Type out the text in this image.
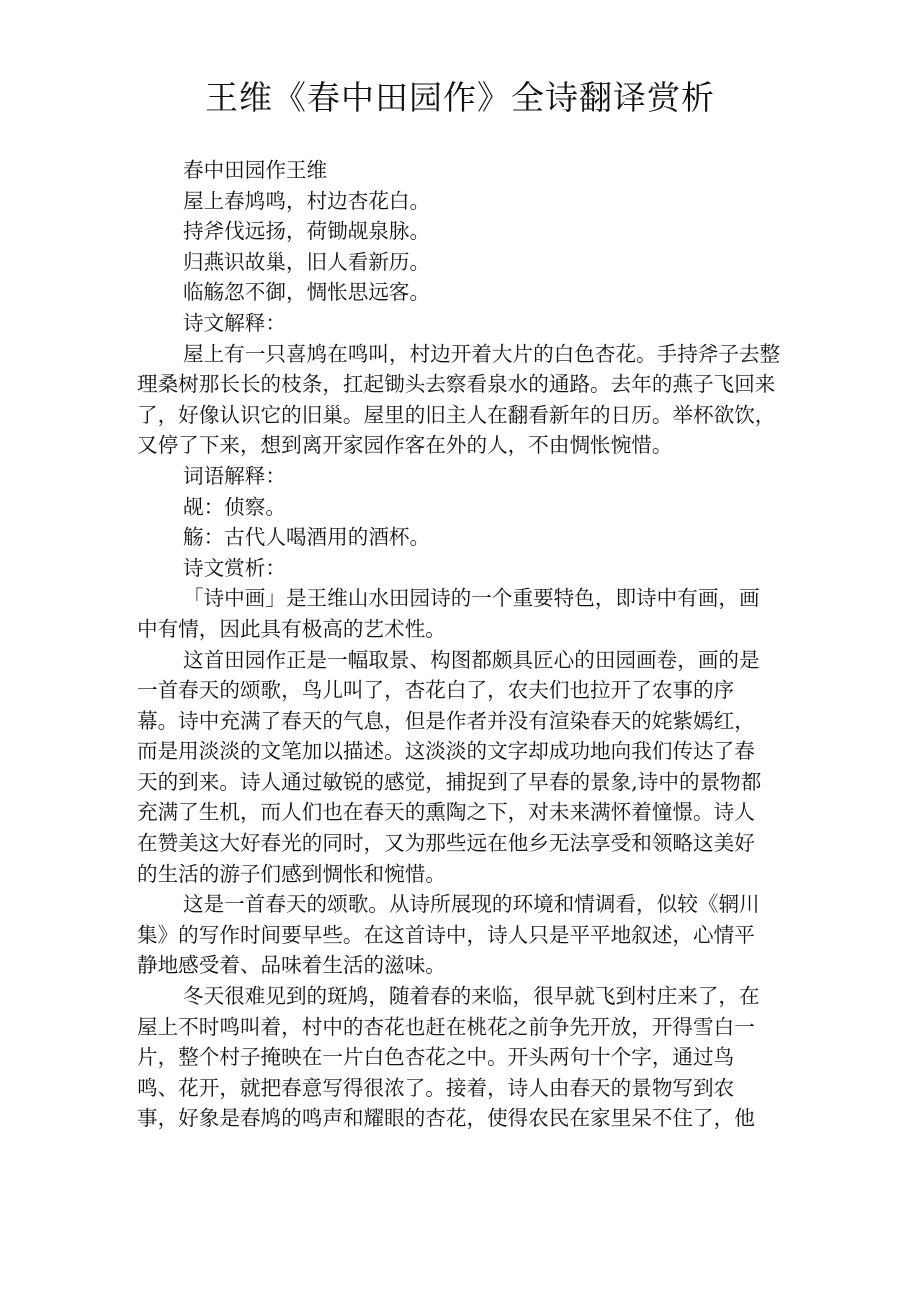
王维《春中田园作》全诗翻译赏析

春中田园作王维

屋上春鸠鸣，村边杏花白。

持斧伐远扬，荷锄觇泉脉。

归燕识故巢，旧人看新历。

临觞忽不御，惆怅思远客。

诗文解释：

屋上有一只喜鸠在鸣叫，村边开着大片的白色杏花。手持斧子去整

理桑树那长长的枝条，扛起锄头去察看泉水的通路。去年的燕子飞回来

了，好像认识它的旧巢。屋里的旧主人在翻看新年的日历。举杯欲饮，

又停了下来，想到离开家园作客在外的人，不由惆怅惋惜。

词语解释：

觇：侦察。

觞：古代人喝酒用的酒杯。

诗文赏析：

「诗中画」是王维山水田园诗的一个重要特色，即诗中有画，画

中有情，因此具有极高的艺术性。

这首田园作正是一幅取景、构图都颇具匠心的田园画卷，画的是

一首春天的颂歌，鸟儿叫了，杏花白了，农夫们也拉开了农事的序

幕。诗中充满了春天的气息，但是作者并没有渲染春天的姹紫嫣红，

而是用淡淡的文笔加以描述。这淡淡的文字却成功地向我们传达了春

天的到来。诗人通过敏锐的感觉，捕捉到了早春的景象,诗中的景物都

充满了生机，而人们也在春天的熏陶之下，对未来满怀着憧憬。诗人

在赞美这大好春光的同时，又为那些远在他乡无法享受和领略这美好

的生活的游子们感到惆怅和惋惜。

这是一首春天的颂歌。从诗所展现的环境和情调看，似较《辋川

集》的写作时间要早些。在这首诗中，诗人只是平平地叙述，心情平

静地感受着、品味着生活的滋味。

冬天很难见到的斑鸠，随着春的来临，很早就飞到村庄来了，在

屋上不时鸣叫着，村中的杏花也赶在桃花之前争先开放，开得雪白一

片，整个村子掩映在一片白色杏花之中。开头两句十个字，通过鸟

鸣、花开，就把春意写得很浓了。接着，诗人由春天的景物写到农

事，好象是春鸠的鸣声和耀眼的杏花，使得农民在家里呆不住了，他
